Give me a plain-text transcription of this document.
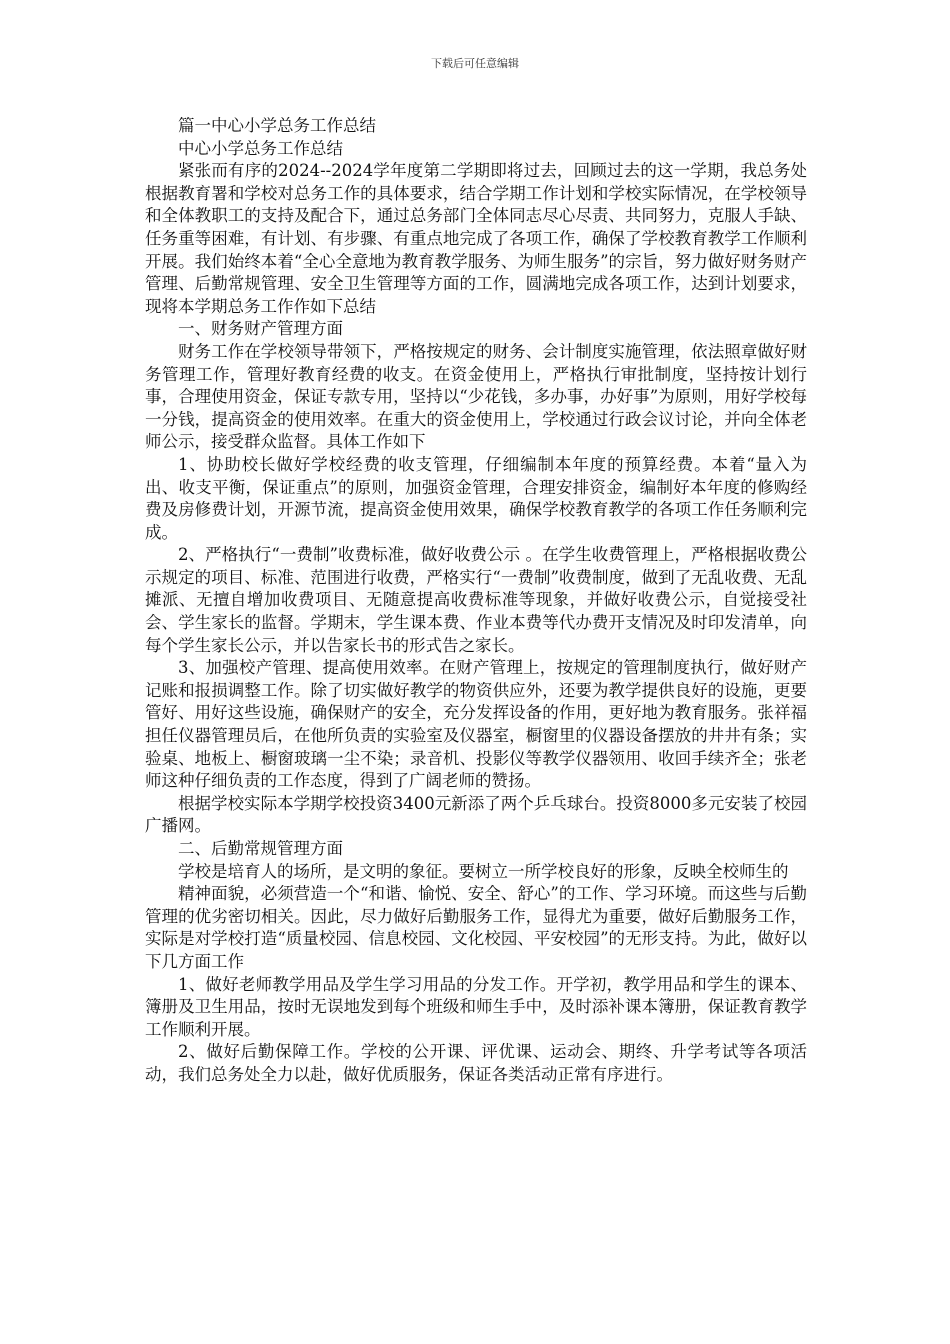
下载后可任意编辑

篇一中心小学总务工作总结

中心小学总务工作总结

紧张而有序的2024--2024学年度第二学期即将过去，回顾过去的这一学期，我总务处根据教育署和学校对总务工作的具体要求，结合学期工作计划和学校实际情况，在学校领导和全体教职工的支持及配合下，通过总务部门全体同志尽心尽责、共同努力，克服人手缺、任务重等困难，有计划、有步骤、有重点地完成了各项工作，确保了学校教育教学工作顺利开展。我们始终本着“全心全意地为教育教学服务、为师生服务”的宗旨，努力做好财务财产管理、后勤常规管理、安全卫生管理等方面的工作，圆满地完成各项工作，达到计划要求，现将本学期总务工作作如下总结

一、财务财产管理方面

财务工作在学校领导带领下，严格按规定的财务、会计制度实施管理，依法照章做好财务管理工作，管理好教育经费的收支。在资金使用上，严格执行审批制度，坚持按计划行事，合理使用资金，保证专款专用，坚持以“少花钱，多办事，办好事”为原则，用好学校每一分钱，提高资金的使用效率。在重大的资金使用上，学校通过行政会议讨论，并向全体老师公示，接受群众监督。具体工作如下

1、协助校长做好学校经费的收支管理，仔细编制本年度的预算经费。本着“量入为出、收支平衡，保证重点”的原则，加强资金管理，合理安排资金，编制好本年度的修购经费及房修费计划，开源节流，提高资金使用效果，确保学校教育教学的各项工作任务顺利完成。

2、严格执行“一费制”收费标准，做好收费公示 。在学生收费管理上，严格根据收费公示规定的项目、标准、范围进行收费，严格实行“一费制”收费制度，做到了无乱收费、无乱摊派、无擅自增加收费项目、无随意提高收费标准等现象，并做好收费公示，自觉接受社会、学生家长的监督。学期末，学生课本费、作业本费等代办费开支情况及时印发清单，向每个学生家长公示，并以告家长书的形式告之家长。

3、加强校产管理、提高使用效率。在财产管理上，按规定的管理制度执行，做好财产记账和报损调整工作。除了切实做好教学的物资供应外，还要为教学提供良好的设施，更要管好、用好这些设施，确保财产的安全，充分发挥设备的作用，更好地为教育服务。张祥福担任仪器管理员后，在他所负责的实验室及仪器室，橱窗里的仪器设备摆放的井井有条；实验桌、地板上、橱窗玻璃一尘不染；录音机、投影仪等教学仪器领用、收回手续齐全；张老师这种仔细负责的工作态度，得到了广阔老师的赞扬。

根据学校实际本学期学校投资3400元新添了两个乒乓球台。投资8000多元安装了校园广播网。

二、后勤常规管理方面

学校是培育人的场所，是文明的象征。要树立一所学校良好的形象，反映全校师生的

精神面貌，必须营造一个“和谐、愉悦、安全、舒心”的工作、学习环境。而这些与后勤管理的优劣密切相关。因此，尽力做好后勤服务工作，显得尤为重要，做好后勤服务工作，实际是对学校打造“质量校园、信息校园、文化校园、平安校园”的无形支持。为此，做好以下几方面工作

1、做好老师教学用品及学生学习用品的分发工作。开学初，教学用品和学生的课本、簿册及卫生用品，按时无误地发到每个班级和师生手中，及时添补课本簿册，保证教育教学工作顺利开展。

2、做好后勤保障工作。学校的公开课、评优课、运动会、期终、升学考试等各项活动，我们总务处全力以赴，做好优质服务，保证各类活动正常有序进行。
